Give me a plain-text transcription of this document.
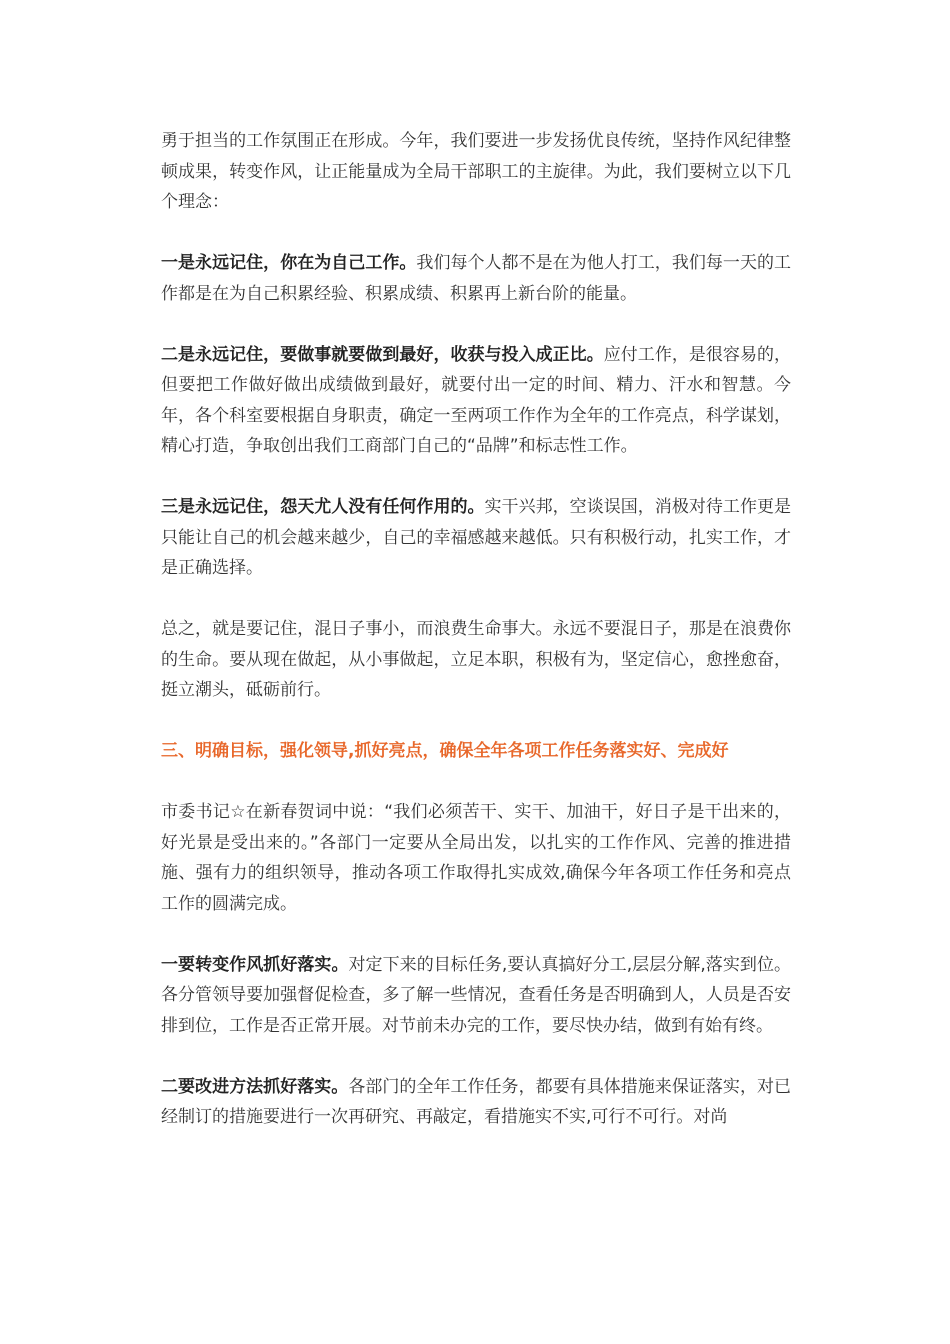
勇于担当的工作氛围正在形成。今年，我们要进一步发扬优良传统，坚持作风纪律整顿成果，转变作风，让正能量成为全局干部职工的主旋律。为此，我们要树立以下几个理念：

一是永远记住，你在为自己工作。我们每个人都不是在为他人打工，我们每一天的工作都是在为自己积累经验、积累成绩、积累再上新台阶的能量。

二是永远记住，要做事就要做到最好，收获与投入成正比。应付工作，是很容易的，但要把工作做好做出成绩做到最好，就要付出一定的时间、精力、汗水和智慧。今年，各个科室要根据自身职责，确定一至两项工作作为全年的工作亮点，科学谋划，精心打造，争取创出我们工商部门自己的“品牌”和标志性工作。

三是永远记住，怨天尤人没有任何作用的。实干兴邦，空谈误国，消极对待工作更是只能让自己的机会越来越少，自己的幸福感越来越低。只有积极行动，扎实工作，才是正确选择。

总之，就是要记住，混日子事小，而浪费生命事大。永远不要混日子，那是在浪费你的生命。要从现在做起，从小事做起，立足本职，积极有为，坚定信心，愈挫愈奋，挺立潮头，砥砺前行。

三、明确目标，强化领导,抓好亮点，确保全年各项工作任务落实好、完成好

市委书记☆在新春贺词中说：“我们必须苦干、实干、加油干，好日子是干出来的，好光景是受出来的。”各部门一定要从全局出发，以扎实的工作作风、完善的推进措施、强有力的组织领导，推动各项工作取得扎实成效,确保今年各项工作任务和亮点工作的圆满完成。

一要转变作风抓好落实。对定下来的目标任务,要认真搞好分工,层层分解,落实到位。各分管领导要加强督促检查，多了解一些情况，查看任务是否明确到人，人员是否安排到位，工作是否正常开展。对节前未办完的工作，要尽快办结，做到有始有终。

二要改进方法抓好落实。各部门的全年工作任务，都要有具体措施来保证落实，对已经制订的措施要进行一次再研究、再敲定，看措施实不实,可行不可行。对尚
